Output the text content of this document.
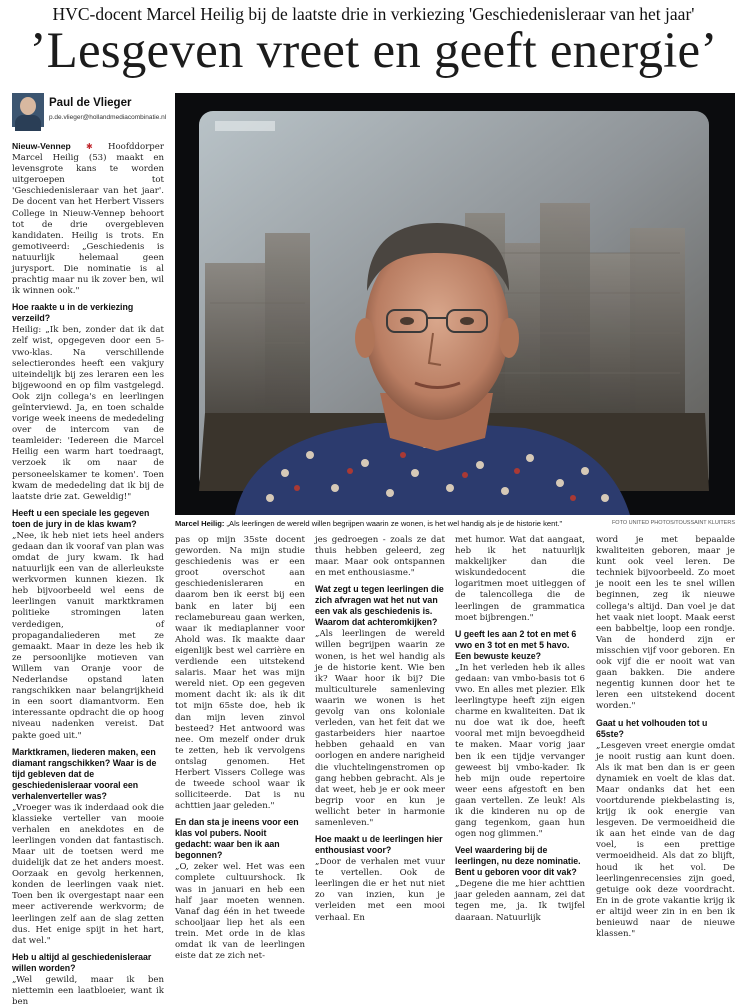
HVC-docent Marcel Heilig bij de laatste drie in verkiezing 'Geschiedenisleraar van het jaar'
’Lesgeven vreet en geeft energie’
Paul de Vlieger
p.de.vlieger@hollandmediacombinatie.nl

Nieuw-Vennep ✱ Hoofddorper Marcel Heilig (53) maakt en levensgrote kans te worden uitgeroepen tot 'Geschiedenisleraar van het jaar'. De docent van het Herbert Vissers College in Nieuw-Vennep behoort tot de drie overgebleven kandidaten. Heilig is trots. En gemotiveerd: „Geschiedenis is natuurlijk helemaal geen jurysport. Die nominatie is al prachtig maar nu ik zover ben, wil ik winnen ook."

Hoe raakte u in de verkiezing verzeild?

Heilig: „Ik ben, zonder dat ik dat zelf wist, opgegeven door een 5-vwo-klas. Na verschillende selectierondes heeft een vakjury uiteindelijk bij zes leraren een les bijgewoond en op film vastgelegd. Ook zijn collega's en leerlingen geïnterviewd. Ja, en toen schalde vorige week ineens de mededeling over de intercom van de teamleider: 'Iedereen die Marcel Heilig een warm hart toedraagt, verzoek ik om naar de personeelskamer te komen'. Toen kwam de mededeling dat ik bij de laatste drie zat. Geweldig!"

Heeft u een speciale les gegeven toen de jury in de klas kwam?

„Nee, ik heb niet iets heel anders gedaan dan ik vooraf van plan was omdat de jury kwam. Ik had natuurlijk een van de allerleukste werkvormen kunnen kiezen. Ik heb bijvoorbeeld wel eens de leerlingen vanuit marktkramen politieke stromingen laten verdedigen, of propagandaliederen met ze gemaakt. Maar in deze les heb ik ze persoonlijke motieven van Willem van Oranje voor de Nederlandse opstand laten rangschikken naar belangrijkheid in een soort diamantvorm. Een interessante opdracht die op hoog niveau nadenken vereist. Dat pakte goed uit."

Marktkramen, liederen maken, een diamant rangschikken? Waar is de tijd gebleven dat de geschiedenisleraar vooral een verhalenverteller was?

„Vroeger was ik inderdaad ook die klassieke verteller van mooie verhalen en anekdotes en de leerlingen vonden dat fantastisch. Maar uit de toetsen werd me duidelijk dat ze het anders moest. Oorzaak en gevolg herkennen, konden de leerlingen vaak niet. Toen ben ik overgestapt naar een meer activerende werkvorm; de leerlingen zelf aan de slag zetten dus. Het enige spijt in het hart, dat wel."

Heb u altijd al geschiedenisleraar willen worden?

„Wel gewild, maar ik ben niettemin een laatbloeier, want ik ben

Marcel Heilig: „Als leerlingen de wereld willen begrijpen waarin ze wonen, is het wel handig als je de historie kent."	FOTO UNITED PHOTOS/TOUSSAINT KLUITERS

pas op mijn 35ste docent geworden. Na mijn studie geschiedenis was er een groot overschot aan geschiedenisleraren en daarom ben ik eerst bij een bank en later bij een reclamebureau gaan werken, waar ik mediaplanner voor Ahold was. Ik maakte daar eigenlijk best wel carrière en verdiende een uitstekend salaris. Maar het was mijn wereld niet. Op een gegeven moment dacht ik: als ik dit tot mijn 65ste doe, heb ik dan mijn leven zinvol besteed? Het antwoord was nee. Om mezelf onder druk te zetten, heb ik vervolgens ontslag genomen. Het Herbert Vissers College was de tweede school waar ik solliciteerde. Dat is nu achttien jaar geleden."

En dan sta je ineens voor een klas vol pubers. Nooit gedacht: waar ben ik aan begonnen?

„O, zeker wel. Het was een complete cultuurshock. Ik was in januari en heb een half jaar moeten wennen. Vanaf dag één in het tweede schooljaar liep het als een trein. Met orde in de klas omdat ik van de leerlingen eiste dat ze zich net-

jes gedroegen - zoals ze dat thuis hebben geleerd, zeg maar. Maar ook ontspannen en met enthousiasme."

Wat zegt u tegen leerlingen die zich afvragen wat het nut van een vak als geschiedenis is. Waarom dat achteromkijken?

„Als leerlingen de wereld willen begrijpen waarin ze wonen, is het wel handig als je de historie kent. Wie ben ik? Waar hoor ik bij? Die multiculturele samenleving waarin we wonen is het gevolg van ons koloniale verleden, van het feit dat we gastarbeiders hier naartoe hebben gehaald en van oorlogen en andere narigheid die vluchtelingenstromen op gang hebben gebracht. Als je dat weet, heb je er ook meer begrip voor en kun je wellicht beter in harmonie samenleven."

Hoe maakt u de leerlingen hier enthousiast voor?

„Door de verhalen met vuur te vertellen. Ook de leerlingen die er het nut niet zo van inzien, kun je verleiden met een mooi verhaal. En

met humor. Wat dat aangaat, heb ik het natuurlijk makkelijker dan die wiskundedocent die logaritmen moet uitleggen of de talencollega die de leerlingen de grammatica moet bijbrengen."

U geeft les aan 2 tot en met 6 vwo en 3 tot en met 5 havo. Een bewuste keuze?

„In het verleden heb ik alles gedaan: van vmbo-basis tot 6 vwo. En alles met plezier. Elk leerlingtype heeft zijn eigen charme en kwaliteiten. Dat ik nu doe wat ik doe, heeft vooral met mijn bevoegdheid te maken. Maar vorig jaar ben ik een tijdje vervanger geweest bij vmbo-kader. Ik heb mijn oude repertoire weer eens afgestoft en ben gaan vertellen. Ze leuk! Als ik die kinderen nu op de gang tegenkom, gaan hun ogen nog glimmen."

Veel waardering bij de leerlingen, nu deze nominatie. Bent u geboren voor dit vak?

„Degene die me hier achttien jaar geleden aannam, zei dat tegen me, ja. Ik twijfel daaraan. Natuurlijk

word je met bepaalde kwaliteiten geboren, maar je kunt ook veel leren. De techniek bijvoorbeeld. Zo moet je nooit een les te snel willen beginnen, zeg ik nieuwe collega's altijd. Dan voel je dat het vaak niet loopt. Maak eerst een babbeltje, loop een rondje. Van de honderd zijn er misschien vijf voor geboren. En ook vijf die er nooit wat van gaan bakken. Die andere negentig kunnen door het te leren een uitstekend docent worden."

Gaat u het volhouden tot u 65ste?

„Lesgeven vreet energie omdat je nooit rustig aan kunt doen. Als ik mat ben dan is er geen dynamiek en voelt de klas dat. Maar ondanks dat het een voortdurende piekbelasting is, krijg ik ook energie van lesgeven. De vermoeidheid die ik aan het einde van de dag voel, is een prettige vermoeidheid. Als dat zo blijft, houd ik het vol. De leerlingenrecensies zijn goed, getuige ook deze voordracht. En in de grote vakantie krijg ik er altijd weer zin in en ben ik benieuwd naar de nieuwe klassen."
